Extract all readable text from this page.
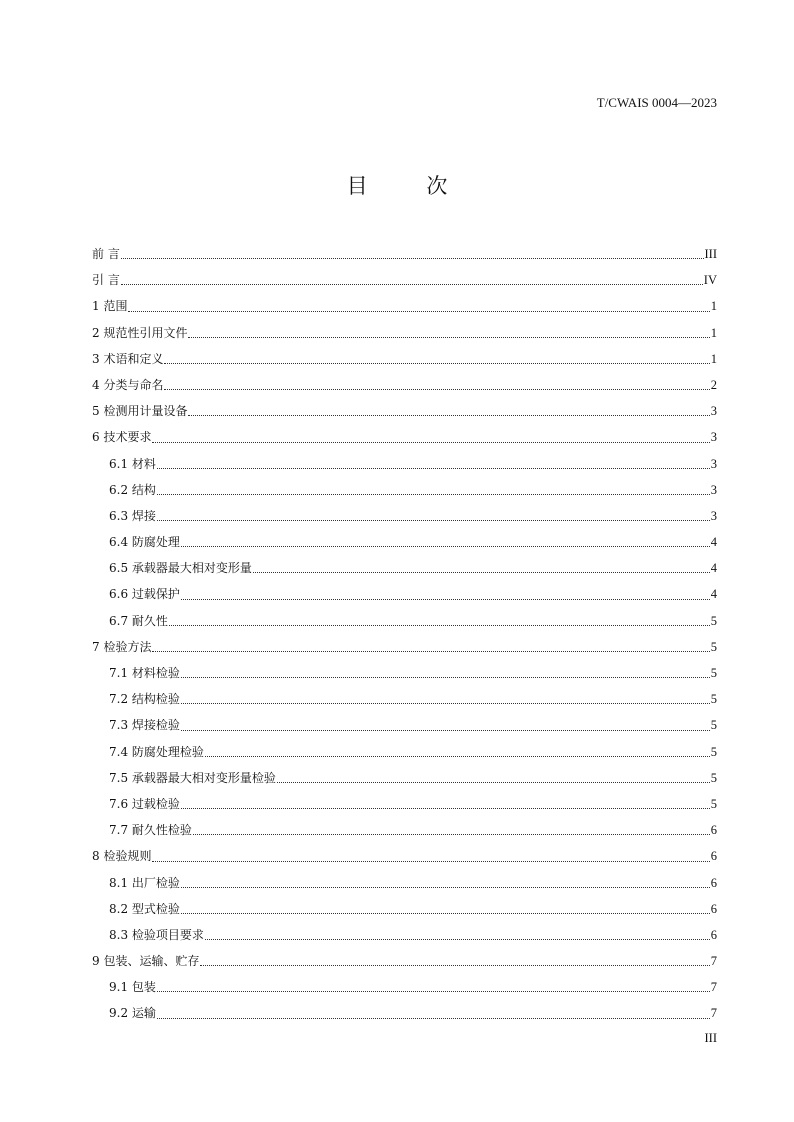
T/CWAIS 0004—2023
目 次
前 言	III
引 言	IV
1 范围	1
2 规范性引用文件	1
3 术语和定义	1
4 分类与命名	2
5 检测用计量设备	3
6 技术要求	3
6.1 材料	3
6.2 结构	3
6.3 焊接	3
6.4 防腐处理	4
6.5 承载器最大相对变形量	4
6.6 过载保护	4
6.7 耐久性	5
7 检验方法	5
7.1 材料检验	5
7.2 结构检验	5
7.3 焊接检验	5
7.4 防腐处理检验	5
7.5 承载器最大相对变形量检验	5
7.6 过载检验	5
7.7 耐久性检验	6
8 检验规则	6
8.1 出厂检验	6
8.2 型式检验	6
8.3 检验项目要求	6
9 包装、运输、贮存	7
9.1 包装	7
9.2 运输	7
III
